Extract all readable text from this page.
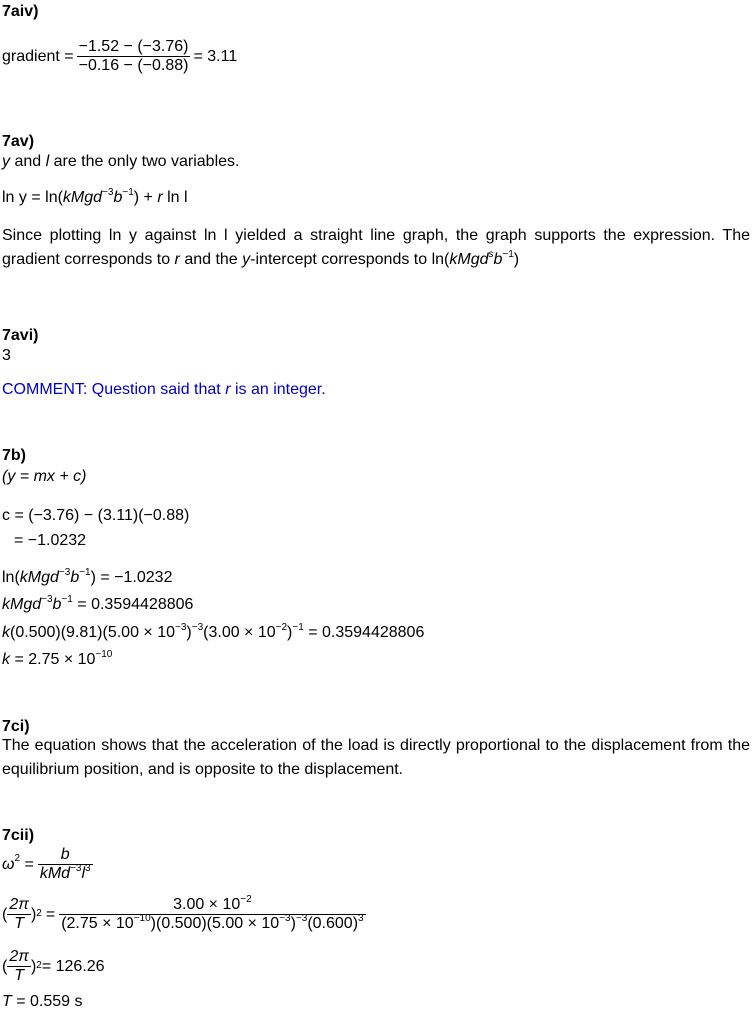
7aiv)
gradient = $\frac{-1.52 - (-3.76)}{-0.16 - (-0.88)} = 3.11$
7av)
y and l are the only two variables.
$\ln y = \ln(kMgd^{-3}b^{-1}) + r$ ln l
Since plotting ln y against ln l yielded a straight line graph, the graph supports the expression. The gradient corresponds to r and the y-intercept corresponds to $\ln(kMgd^sb^{-1})$
7avi)
3
COMMENT: Question said that r is an integer.
7b)
(y = mx + c)
c = (−3.76) − (3.11)(−0.88)
= −1.0232
$\ln(kMgd^{-3}b^{-1}) = -1.0232$
$kMgd^{-3}b^{-1} = 0.3594428806$
$k(0.500)(9.81)(5.00 \times 10^{-3})^{-3}(3.00 \times 10^{-2})^{-1} = 0.3594428806$
$k = 2.75 \times 10^{-10}$
7ci)
The equation shows that the acceleration of the load is directly proportional to the displacement from the equilibrium position, and is opposite to the displacement.
7cii)
$\omega^2 = \frac{b}{kMd^{-3}l^3}$
( $\frac{2\pi}{T} )^2 = \frac{3.00 \times 10^{-2}}{(2.75 \times 10^{-10})(0.500)(5.00 \times 10^{-3})^{-3}(0.600)^3}$
( $\frac{2\pi}{T} )^2 = 126.26$
T = 0.559 s
